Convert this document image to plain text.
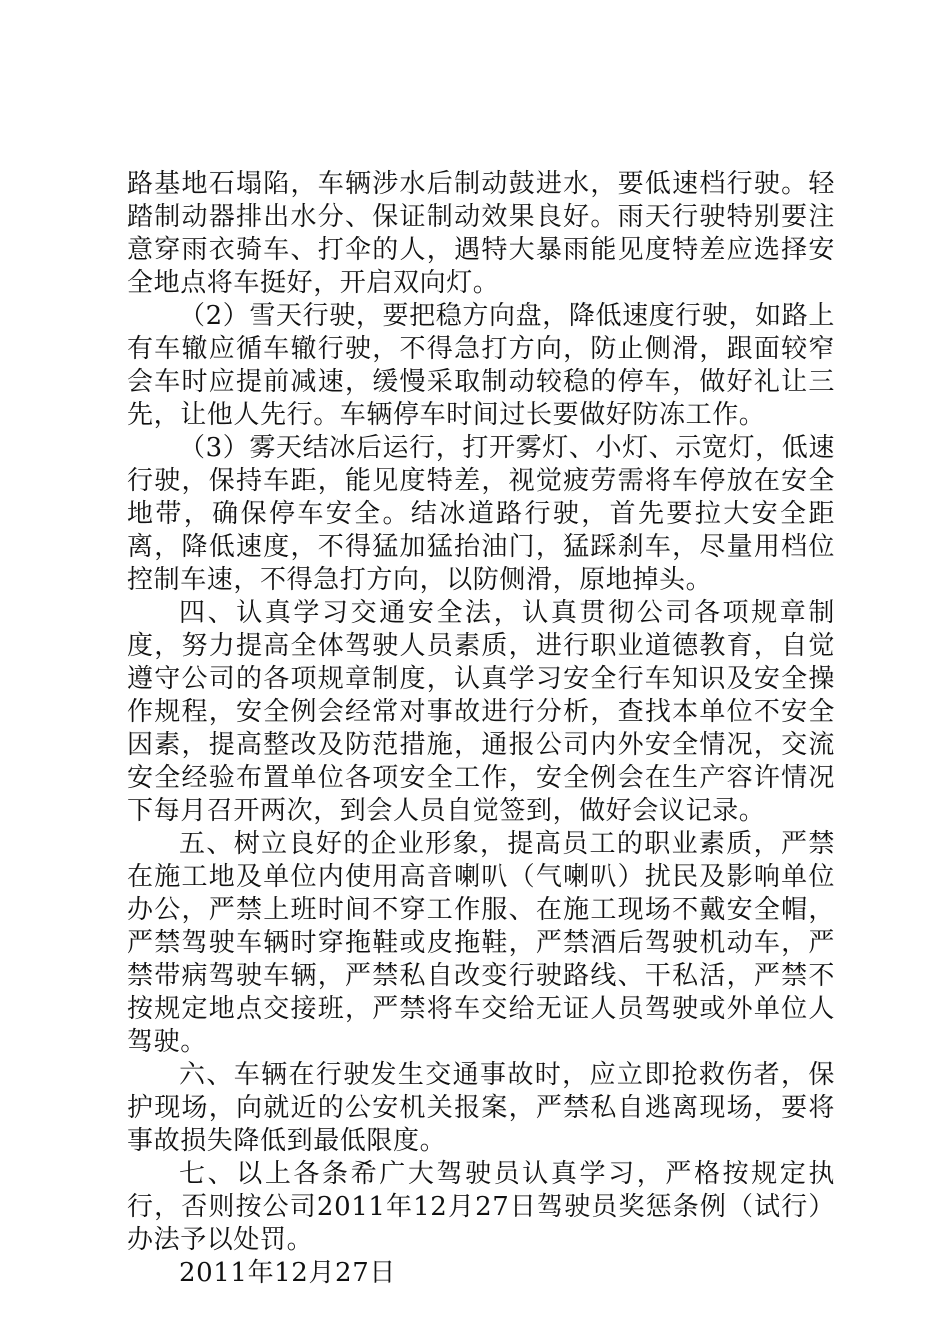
路基地石塌陷，车辆涉水后制动鼓进水，要低速档行驶。轻踏制动器排出水分、保证制动效果良好。雨天行驶特别要注意穿雨衣骑车、打伞的人，遇特大暴雨能见度特差应选择安全地点将车挺好，开启双向灯。

（2）雪天行驶，要把稳方向盘，降低速度行驶，如路上有车辙应循车辙行驶，不得急打方向，防止侧滑，跟面较窄会车时应提前减速，缓慢采取制动较稳的停车，做好礼让三先，让他人先行。车辆停车时间过长要做好防冻工作。

（3）雾天结冰后运行，打开雾灯、小灯、示宽灯，低速行驶，保持车距，能见度特差，视觉疲劳需将车停放在安全地带，确保停车安全。结冰道路行驶，首先要拉大安全距离，降低速度，不得猛加猛抬油门，猛踩刹车，尽量用档位控制车速，不得急打方向，以防侧滑，原地掉头。

四、认真学习交通安全法，认真贯彻公司各项规章制度，努力提高全体驾驶人员素质，进行职业道德教育，自觉遵守公司的各项规章制度，认真学习安全行车知识及安全操作规程，安全例会经常对事故进行分析，查找本单位不安全因素，提高整改及防范措施，通报公司内外安全情况，交流安全经验布置单位各项安全工作，安全例会在生产容许情况下每月召开两次，到会人员自觉签到，做好会议记录。

五、树立良好的企业形象，提高员工的职业素质，严禁在施工地及单位内使用高音喇叭（气喇叭）扰民及影响单位办公，严禁上班时间不穿工作服、在施工现场不戴安全帽，严禁驾驶车辆时穿拖鞋或皮拖鞋，严禁酒后驾驶机动车，严禁带病驾驶车辆，严禁私自改变行驶路线、干私活，严禁不按规定地点交接班，严禁将车交给无证人员驾驶或外单位人驾驶。

六、车辆在行驶发生交通事故时，应立即抢救伤者，保护现场，向就近的公安机关报案，严禁私自逃离现场，要将事故损失降低到最低限度。

七、以上各条希广大驾驶员认真学习，严格按规定执行，否则按公司2011年12月27日驾驶员奖惩条例（试行）办法予以处罚。

2011年12月27日
